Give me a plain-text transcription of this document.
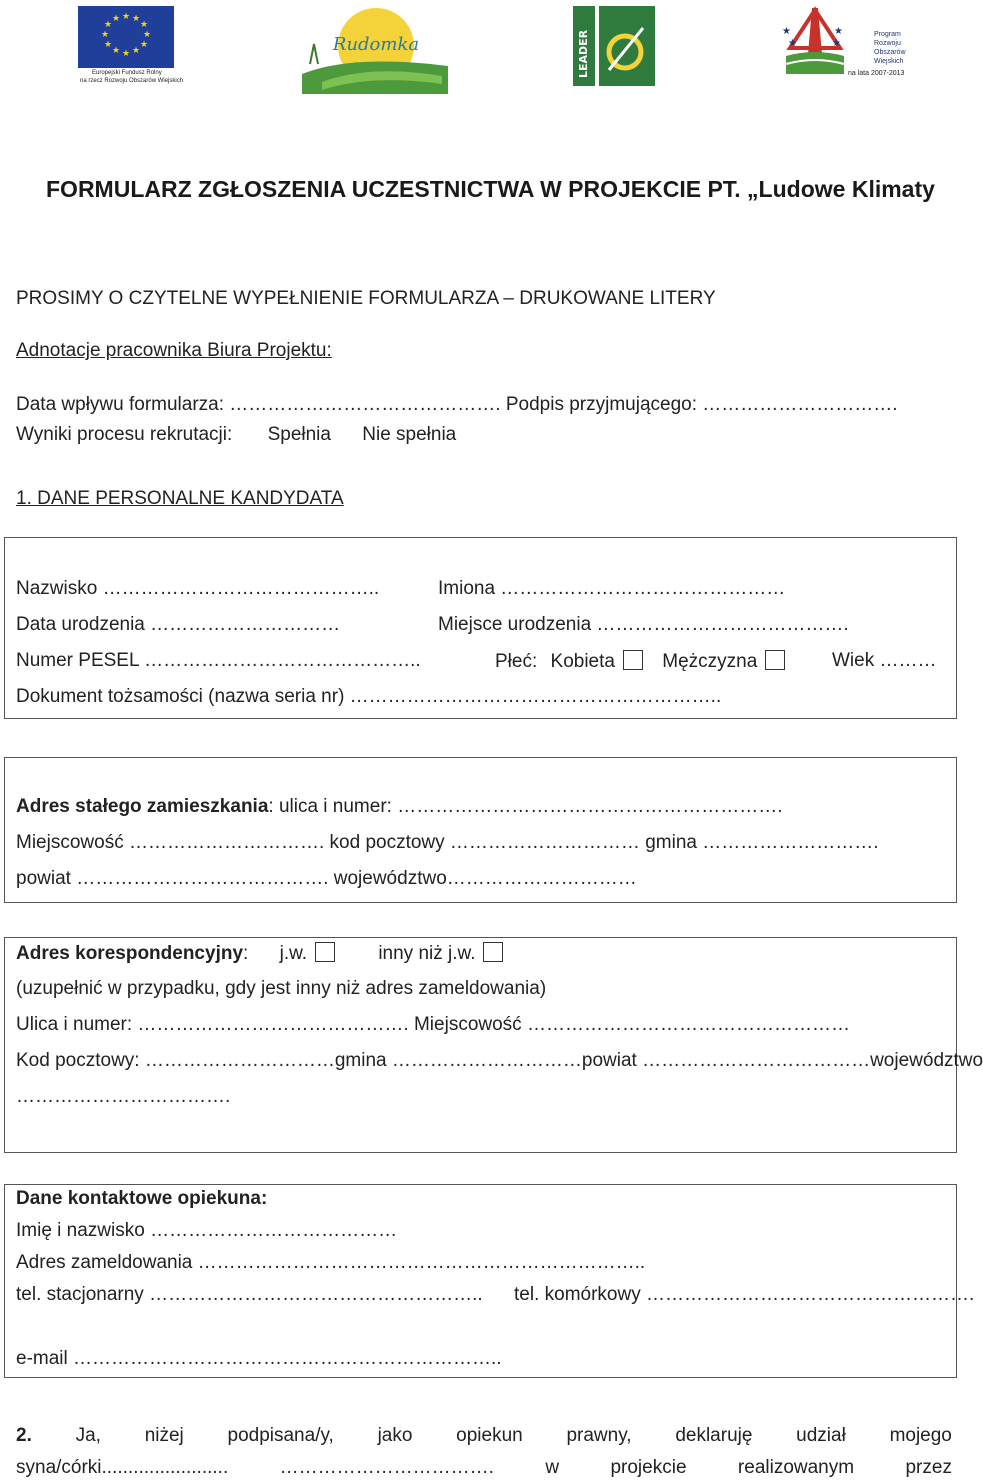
★ ★
★
★
★
★
★
★
★
★
★
★
Europejski Fundusz Rolny
na rzecz Rozwoju Obszarów Wiejskich
Rudomka	LEADER	★
★
★
★
Program
Rozwoju
Obszarów
Wiejskich
na lata 2007-2013
FORMULARZ ZGŁOSZENIA UCZESTNICTWA W PROJEKCIE PT. „Ludowe Klimaty
PROSIMY O CZYTELNE WYPEŁNIENIE FORMULARZA – DRUKOWANE LITERY
Adnotacje pracownika Biura Projektu:
Data wpływu formularza: ……………………………………. Podpis przyjmującego: ………………………….
Wyniki procesu rekrutacji: Spełnia Nie spełnia
1. DANE PERSONALNE KANDYDATA
Nazwisko ……………………………………..	Imiona ………………………………………
Data urodzenia …………………………	Miejsce urodzenia ………………………………….
Numer PESEL ……………………………………..	Płeć: Kobieta Mężczyzna	Wiek ………
Dokument tożsamości (nazwa seria nr) …………………………………………………..
Adres stałego zamieszkania: ulica i numer: …………………………………………………….
Miejscowość …………………………. kod pocztowy ………………………… gmina ……………………….
powiat …………………………………. województwo…………………………
Adres korespondencyjny: j.w.	inny niż j.w.
(uzupełnić w przypadku, gdy jest inny niż adres zameldowania)
Ulica i numer: ……………………………………. Miejscowość ……………………………………………
Kod pocztowy: ………………………… gmina ………………………… powiat ……………………………… województwo
…………………………….
Dane kontaktowe opiekuna:
Imię i nazwisko …………………………………
Adres zameldowania ……………………………………………………………..
tel. stacjonarny …………………………………………….. tel. komórkowy …………………………………………….
e-mail …………………………………………………………..
2. Ja, niżej podpisana/y, jako opiekun prawny, deklaruję udział mojego
syna/córki........................	…………………………….	w	projekcie	realizowanym	przez
